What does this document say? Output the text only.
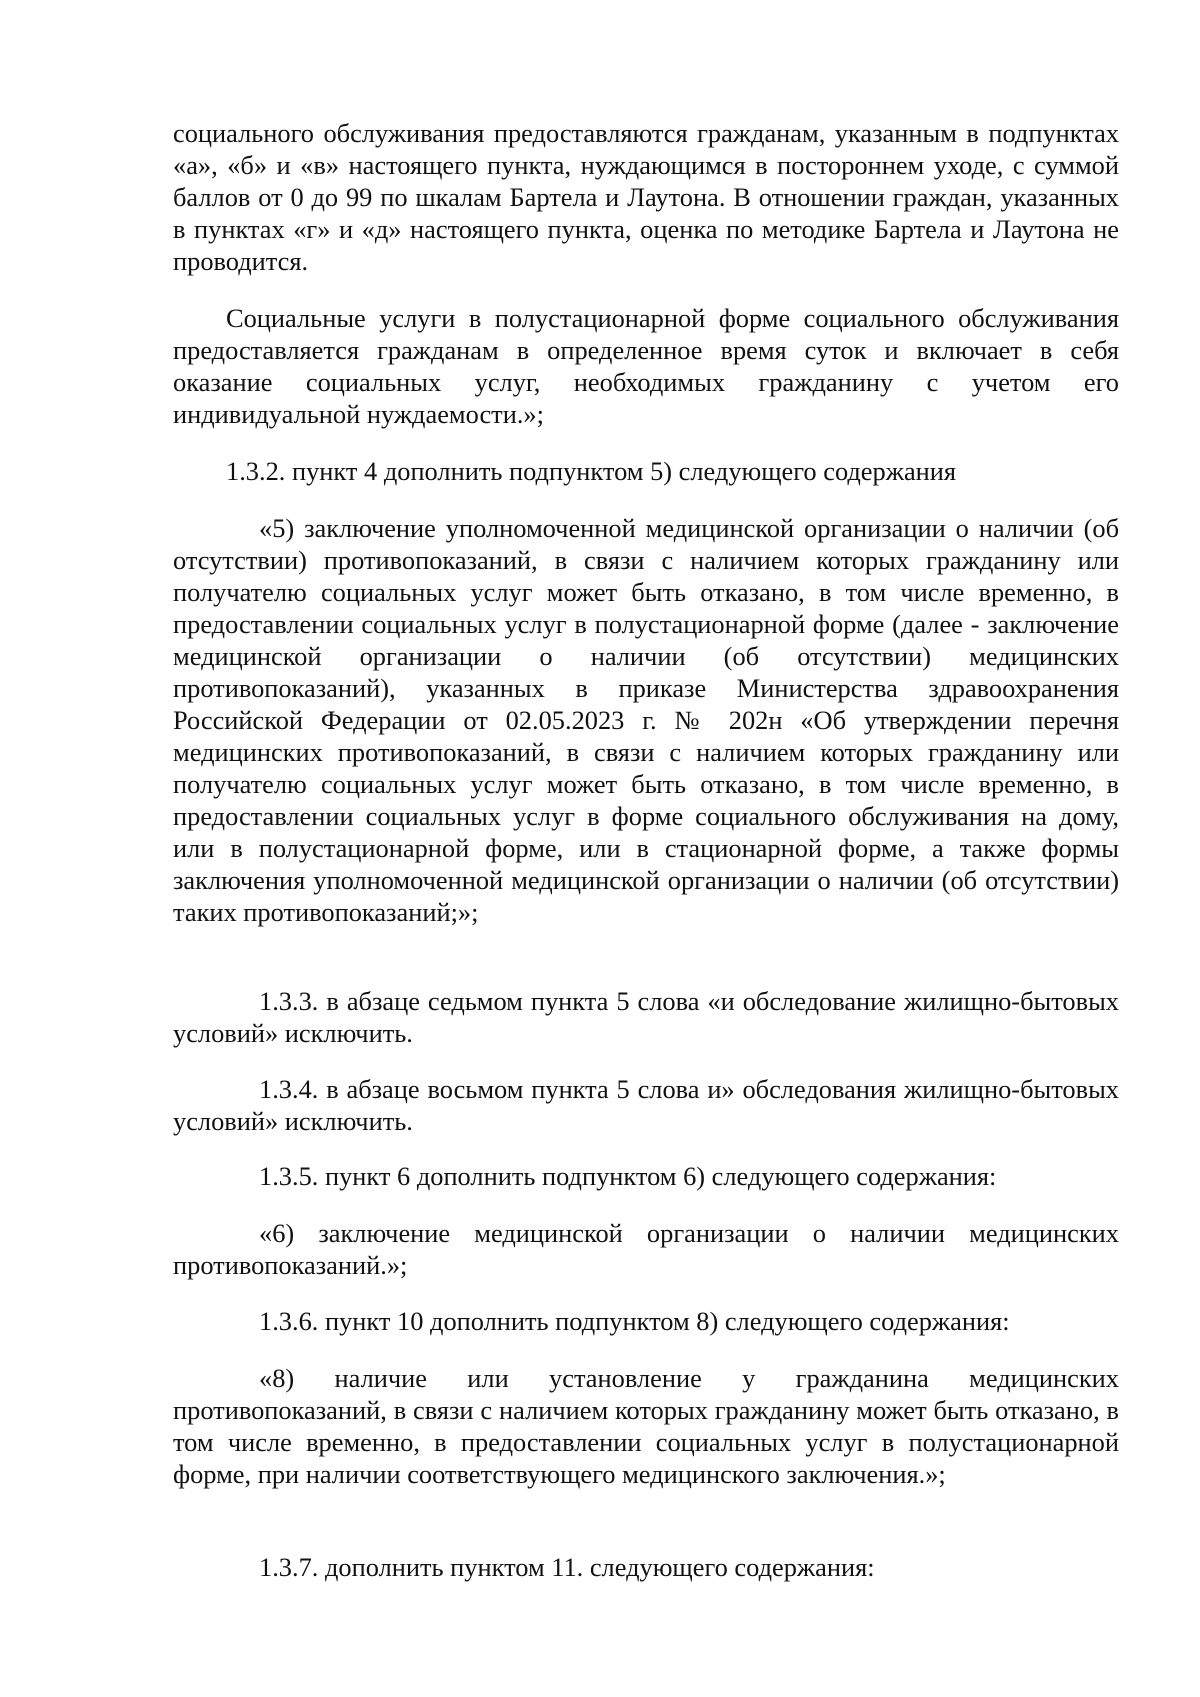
социального обслуживания предоставляются гражданам, указанным в подпунктах «а», «б» и «в» настоящего пункта, нуждающимся в постороннем уходе, с суммой баллов от 0 до 99 по шкалам Бартела и Лаутона. В отношении граждан, указанных в пунктах «г» и «д» настоящего пункта, оценка по методике Бартела и Лаутона не проводится.

Социальные услуги в полустационарной форме социального обслуживания предоставляется гражданам в определенное время суток и включает в себя оказание социальных услуг, необходимых гражданину с учетом его индивидуальной нуждаемости.»;

1.3.2. пункт 4 дополнить подпунктом 5) следующего содержания

«5) заключение уполномоченной медицинской организации о наличии (об отсутствии) противопоказаний, в связи с наличием которых гражданину или получателю социальных услуг может быть отказано, в том числе временно, в предоставлении социальных услуг в полустационарной форме (далее - заключение медицинской организации о наличии (об отсутствии) медицинских противопоказаний), указанных в приказе Министерства здравоохранения Российской Федерации от 02.05.2023 г. № 202н «Об утверждении перечня медицинских противопоказаний, в связи с наличием которых гражданину или получателю социальных услуг может быть отказано, в том числе временно, в предоставлении социальных услуг в форме социального обслуживания на дому, или в полустационарной форме, или в стационарной форме, а также формы заключения уполномоченной медицинской организации о наличии (об отсутствии) таких противопоказаний;»;

1.3.3. в абзаце седьмом пункта 5 слова «и обследование жилищно-бытовых условий» исключить.

1.3.4. в абзаце восьмом пункта 5 слова и» обследования жилищно-бытовых условий» исключить.

1.3.5. пункт 6 дополнить подпунктом 6) следующего содержания:

«6) заключение медицинской организации о наличии медицинских противопоказаний.»;

1.3.6. пункт 10 дополнить подпунктом 8) следующего содержания:

«8) наличие или установление у гражданина медицинских противопоказаний, в связи с наличием которых гражданину может быть отказано, в том числе временно, в предоставлении социальных услуг в полустационарной форме, при наличии соответствующего медицинского заключения.»;

1.3.7. дополнить пунктом 11. следующего содержания:
